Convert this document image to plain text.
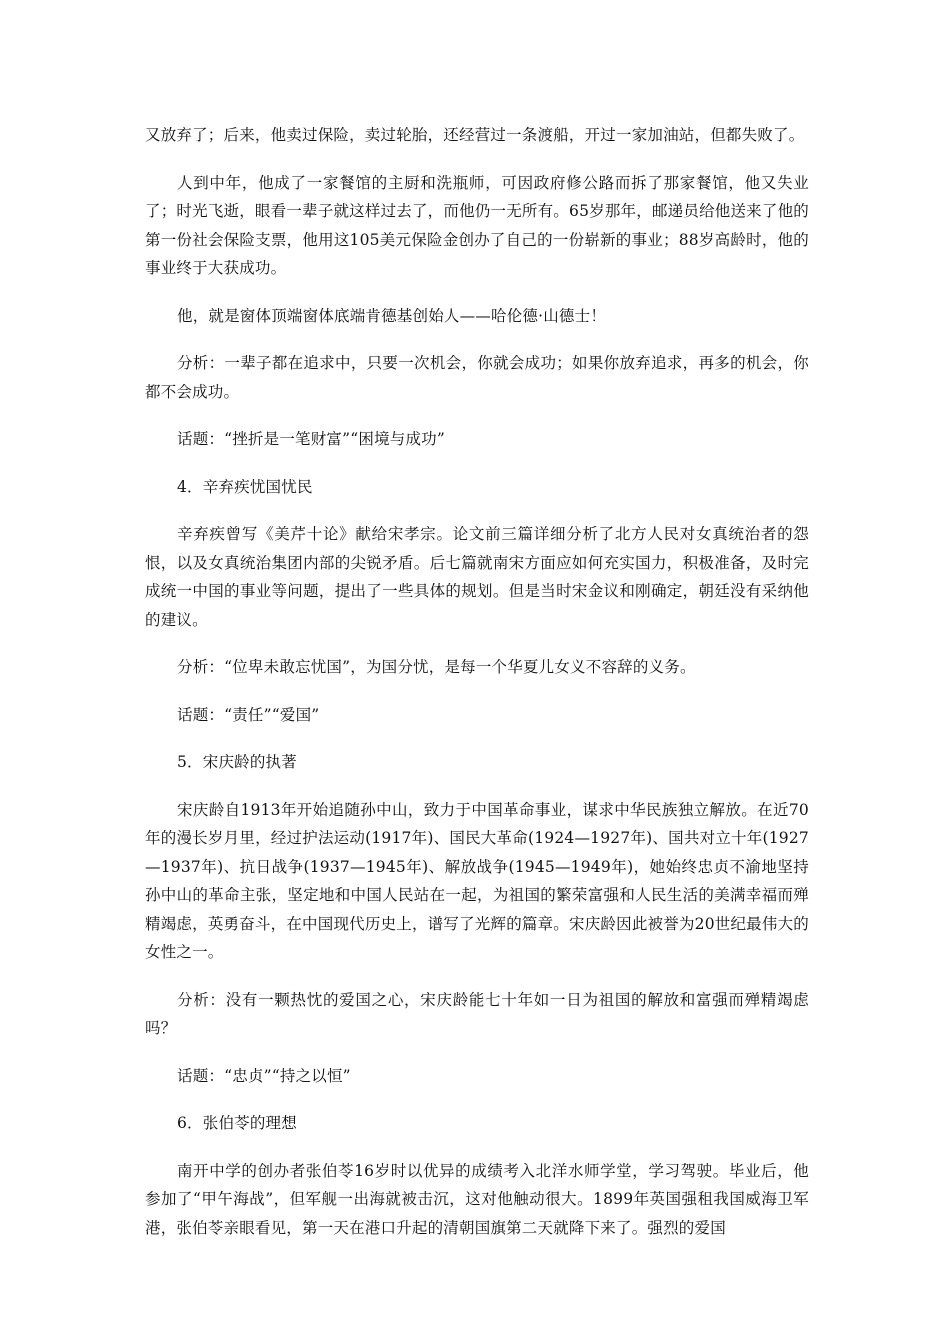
又放弃了；后来，他卖过保险，卖过轮胎，还经营过一条渡船，开过一家加油站，但都失败了。

人到中年，他成了一家餐馆的主厨和洗瓶师，可因政府修公路而拆了那家餐馆，他又失业了；时光飞逝，眼看一辈子就这样过去了，而他仍一无所有。65岁那年，邮递员给他送来了他的第一份社会保险支票，他用这105美元保险金创办了自己的一份崭新的事业；88岁高龄时，他的事业终于大获成功。

他，就是窗体顶端窗体底端肯德基创始人——哈伦德·山德士！

分析：一辈子都在追求中，只要一次机会，你就会成功；如果你放弃追求，再多的机会，你都不会成功。

话题：“挫折是一笔财富”“困境与成功”

4．辛弃疾忧国忧民

辛弃疾曾写《美芹十论》献给宋孝宗。论文前三篇详细分析了北方人民对女真统治者的怨恨，以及女真统治集团内部的尖锐矛盾。后七篇就南宋方面应如何充实国力，积极准备，及时完成统一中国的事业等问题，提出了一些具体的规划。但是当时宋金议和刚确定，朝廷没有采纳他的建议。

分析：“位卑未敢忘忧国”，为国分忧，是每一个华夏儿女义不容辞的义务。

话题：“责任”“爱国”

5．宋庆龄的执著

宋庆龄自1913年开始追随孙中山，致力于中国革命事业，谋求中华民族独立解放。在近70年的漫长岁月里，经过护法运动(1917年)、国民大革命(1924—1927年)、国共对立十年(1927—1937年)、抗日战争(1937—1945年)、解放战争(1945—1949年)，她始终忠贞不渝地坚持孙中山的革命主张，坚定地和中国人民站在一起，为祖国的繁荣富强和人民生活的美满幸福而殚精竭虑，英勇奋斗，在中国现代历史上，谱写了光辉的篇章。宋庆龄因此被誉为20世纪最伟大的女性之一。

分析：没有一颗热忱的爱国之心，宋庆龄能七十年如一日为祖国的解放和富强而殚精竭虑吗？

话题：“忠贞”“持之以恒”

6．张伯苓的理想

南开中学的创办者张伯苓16岁时以优异的成绩考入北洋水师学堂，学习驾驶。毕业后，他参加了“甲午海战”，但军舰一出海就被击沉，这对他触动很大。1899年英国强租我国威海卫军港，张伯苓亲眼看见，第一天在港口升起的清朝国旗第二天就降下来了。强烈的爱国
